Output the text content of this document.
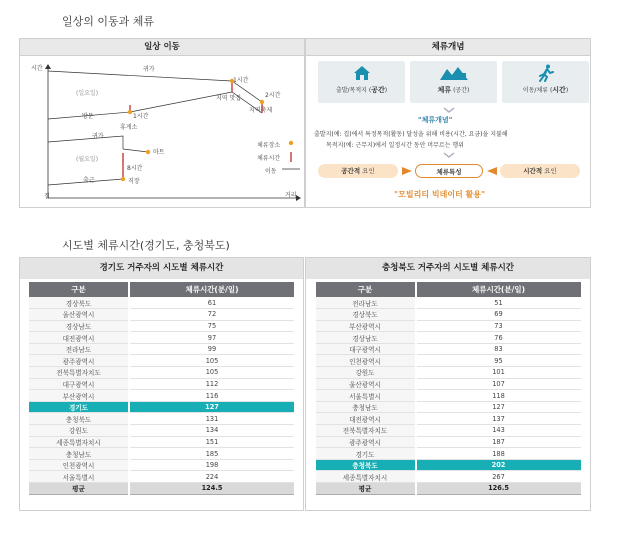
일상의 이동과 체류
일상 이동
시간
거리
집
귀가
(일요일)
1시간
2시간
지역 맛집
지역축제
방문	1시간
휴게소
귀가
(월요일)
마트
8시간
직장
출근
체류장소
체류시간
이동
체류개념
출발/목적지 (공간)	체류 (공간)	이동/체류 (시간)
"체류개념"
출발지(예: 집)에서 특정목적(활동) 달성을 위해 비용(시간, 요금)을 지불해
목적지(예: 근무지)에서 일정시간 동안 머무르는 행위
공간적 요인	체류특성	시간적 요인
"모빌리티 빅데이터 활용"
시도별 체류시간(경기도, 충청북도)
경기도 거주자의 시도별 체류시간
구분	체류시간(분/일)
경상북도	61
울산광역시	72
경상남도	75
대전광역시	97
전라남도	99
광주광역시	105
전북특별자치도	105
대구광역시	112
부산광역시	116
경기도	127
충청북도	131
강원도	134
세종특별자치시	151
충청남도	185
인천광역시	198
서울특별시	224
평균	124.5
충청북도 거주자의 시도별 체류시간
구분	체류시간(분/일)
전라남도	51
경상북도	69
부산광역시	73
경상남도	76
대구광역시	83
인천광역시	95
강원도	101
울산광역시	107
서울특별시	118
충청남도	127
대전광역시	137
전북특별자치도	143
광주광역시	187
경기도	188
충청북도	202
세종특별자치시	267
평균	126.5
